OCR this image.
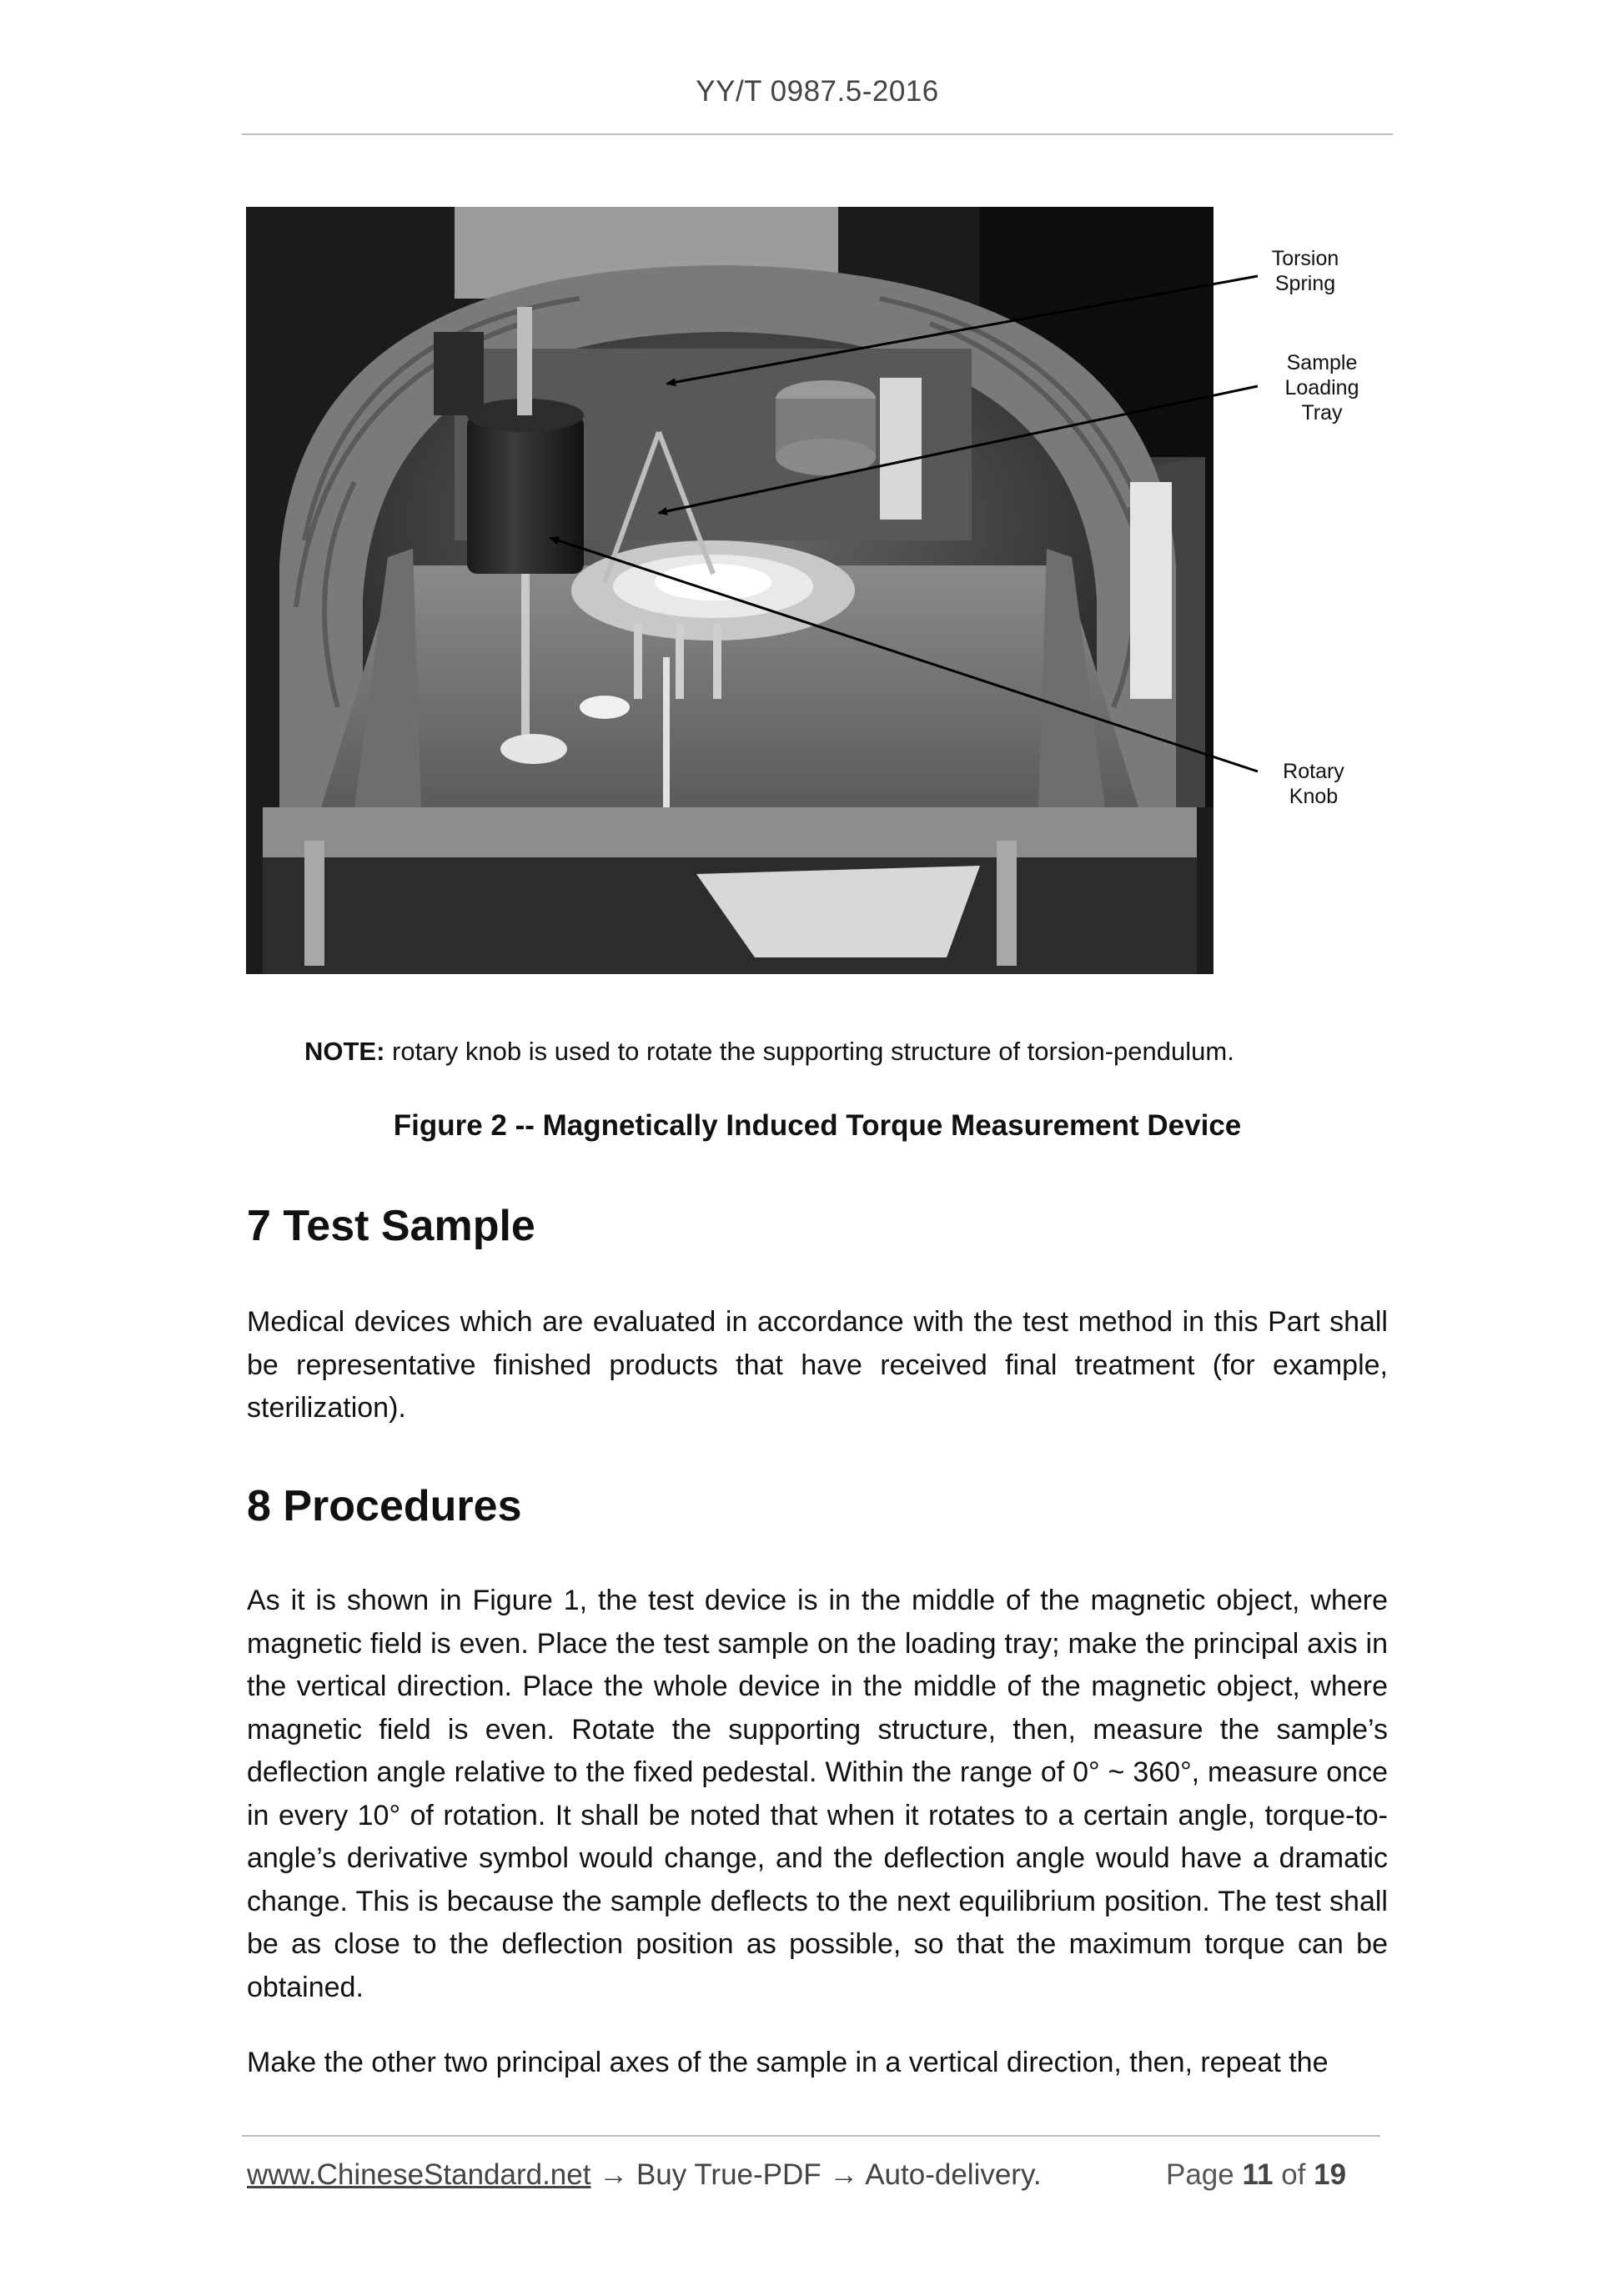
YY/T 0987.5-2016
Torsion
Spring
Sample
Loading
Tray
Rotary
Knob
NOTE: rotary knob is used to rotate the supporting structure of torsion-pendulum.
Figure 2 -- Magnetically Induced Torque Measurement Device
7 Test Sample

Medical devices which are evaluated in accordance with the test method in this Part shall be representative finished products that have received final treatment (for example, sterilization).

8 Procedures

As it is shown in Figure 1, the test device is in the middle of the magnetic object, where magnetic field is even. Place the test sample on the loading tray; make the principal axis in the vertical direction. Place the whole device in the middle of the magnetic object, where magnetic field is even. Rotate the supporting structure, then, measure the sample’s deflection angle relative to the fixed pedestal. Within the range of 0° ~ 360°, measure once in every 10° of rotation. It shall be noted that when it rotates to a certain angle, torque-to-angle’s derivative symbol would change, and the deflection angle would have a dramatic change. This is because the sample deflects to the next equilibrium position. The test shall be as close to the deflection position as possible, so that the maximum torque can be obtained.

Make the other two principal axes of the sample in a vertical direction, then, repeat the

www.ChineseStandard.net → Buy True-PDF → Auto-delivery.	Page 11 of 19
